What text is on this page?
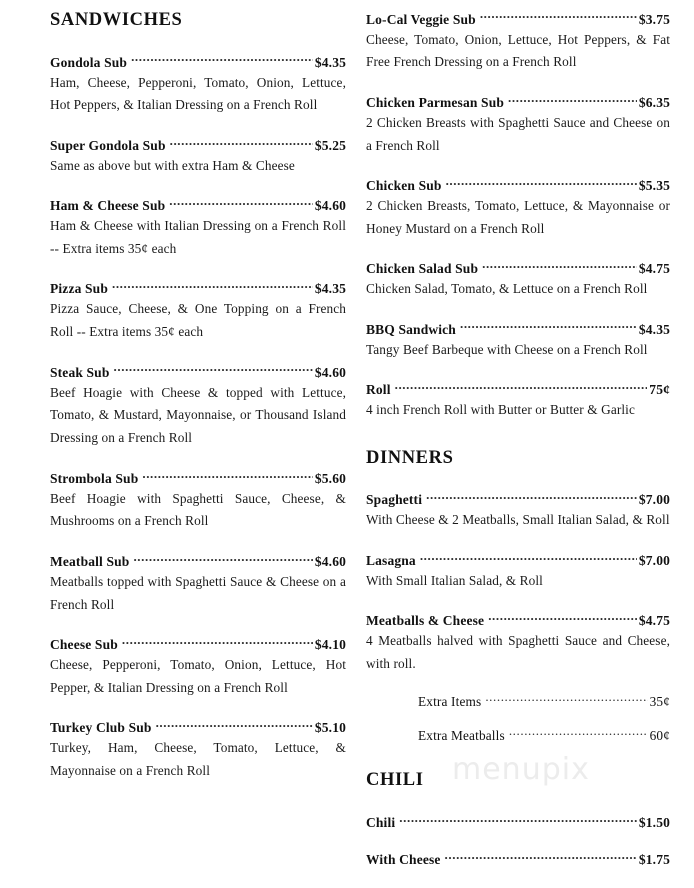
menupix
SANDWICHES
Gondola Sub .....	$4.35

Ham, Cheese, Pepperoni, Tomato, Onion, Lettuce, Hot Peppers, & Italian Dressing on a French Roll

Super Gondola Sub .....	$5.25

Same as above but with extra Ham & Cheese

Ham & Cheese Sub .....	$4.60

Ham & Cheese with Italian Dressing on a French Roll -- Extra items 35¢ each

Pizza Sub .....	$4.35

Pizza Sauce, Cheese, & One Topping on a French Roll -- Extra items 35¢ each

Steak Sub .....	$4.60

Beef Hoagie with Cheese & topped with Lettuce, Tomato, & Mustard, Mayonnaise, or Thousand Island Dressing on a French Roll

Strombola Sub .....	$5.60

Beef Hoagie with Spaghetti Sauce, Cheese, & Mushrooms on a French Roll

Meatball Sub .....	$4.60

Meatballs topped with Spaghetti Sauce & Cheese on a French Roll

Cheese Sub .....	$4.10

Cheese, Pepperoni, Tomato, Onion, Lettuce, Hot Pepper, & Italian Dressing on a French Roll

Turkey Club Sub .....	$5.10

Turkey, Ham, Cheese, Tomato, Lettuce, & Mayonnaise on a French Roll

Lo-Cal Veggie Sub .....	$3.75

Cheese, Tomato, Onion, Lettuce, Hot Peppers, & Fat Free French Dressing on a French Roll

Chicken Parmesan Sub .....	$6.35

2 Chicken Breasts with Spaghetti Sauce and Cheese on a French Roll

Chicken Sub .....	$5.35

2 Chicken Breasts, Tomato, Lettuce, & Mayonnaise or Honey Mustard on a French Roll

Chicken Salad Sub .....	$4.75

Chicken Salad, Tomato, & Lettuce on a French Roll

BBQ Sandwich .....	$4.35

Tangy Beef Barbeque with Cheese on a French Roll

Roll .....	75¢

4 inch French Roll with Butter or Butter & Garlic

DINNERS
Spaghetti .....	$7.00

With Cheese & 2 Meatballs, Small Italian Salad, & Roll

Lasagna .....	$7.00

With Small Italian Salad, & Roll

Meatballs & Cheese .....	$4.75

4 Meatballs halved with Spaghetti Sauce and Cheese, with roll.

Extra Items .....	35¢
Extra Meatballs .....	60¢
CHILI
Chili .....	$1.50
With Cheese .....	$1.75
